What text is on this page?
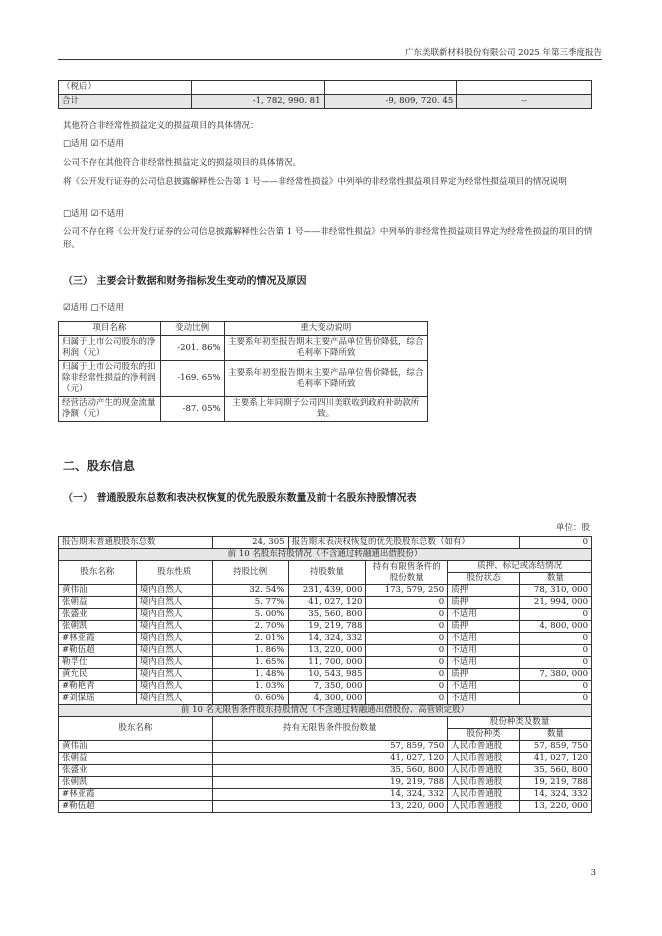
广东美联新材料股份有限公司 2025 年第三季度报告
（税后）			
合计	-1, 782, 990. 81	-9, 809, 720. 45	--
其他符合非经常性损益定义的损益项目的具体情况：
□适用 ☑不适用
公司不存在其他符合非经常性损益定义的损益项目的具体情况。
将《公开发行证券的公司信息披露解释性公告第 1 号——非经常性损益》中列举的非经常性损益项目界定为经常性损益项目的情况说明
□适用 ☑不适用
公司不存在将《公开发行证券的公司信息披露解释性公告第 1 号——非经常性损益》中列举的非经常性损益项目界定为经常性损益的项目的情形。
（三） 主要会计数据和财务指标发生变动的情况及原因
☑适用 □不适用
项目名称	变动比例	重大变动说明
归属于上市公司股东的净利润（元）	-201. 86%	主要系年初至报告期末主要产品单位售价降低，综合毛利率下降所致
归属于上市公司股东的扣除非经常性损益的净利润（元）	-169. 65%	主要系年初至报告期末主要产品单位售价降低，综合毛利率下降所致
经营活动产生的现金流量净额（元）	-87. 05%	主要系上年同期子公司四川美联收到政府补助款所致。
二、股东信息
（一） 普通股股东总数和表决权恢复的优先股股东数量及前十名股东持股情况表
单位：股
报告期末普通股股东总数		24, 305	报告期末表决权恢复的优先股股东总数（如有）			0
前 10 名股东持股情况（不含通过转融通出借股份）						
股东名称	股东性质	持股比例	持股数量	持有有限售条件的股份数量	质押、标记或冻结情况	
					股份状态	数量
黄伟汕	境内自然人	32. 54%	231, 439, 000	173, 579, 250	质押	78, 310, 000
张朝益	境内自然人	5. 77%	41, 027, 120	0	质押	21, 994, 000
张盛业	境内自然人	5. 00%	35, 560, 800	0	不适用	0
张朝凯	境内自然人	2. 70%	19, 219, 788	0	质押	4, 800, 000
#林亚霞	境内自然人	2. 01%	14, 324, 332	0	不适用	0
#勒伍超	境内自然人	1. 86%	13, 220, 000	0	不适用	0
勒孚仕	境内自然人	1. 65%	11, 700, 000	0	不适用	0
黄允民	境内自然人	1. 48%	10, 543, 985	0	质押	7, 380, 000
#勒艳青	境内自然人	1. 03%	7, 350, 000	0	不适用	0
#刘保瑶	境内自然人	0. 60%	4, 300, 000	0	不适用	0
前 10 名无限售条件股东持股情况（不含通过转融通出借股份、高管锁定股）						
股东名称		持有无限售条件股份数量			股份种类及数量	
					股份种类	数量
黄伟汕		57, 859, 750			人民币普通股	57, 859, 750
张朝益		41, 027, 120			人民币普通股	41, 027, 120
张盛业		35, 560, 800			人民币普通股	35, 560, 800
张朝凯		19, 219, 788			人民币普通股	19, 219, 788
#林亚霞		14, 324, 332			人民币普通股	14, 324, 332
#勒伍超		13, 220, 000			人民币普通股	13, 220, 000
3
